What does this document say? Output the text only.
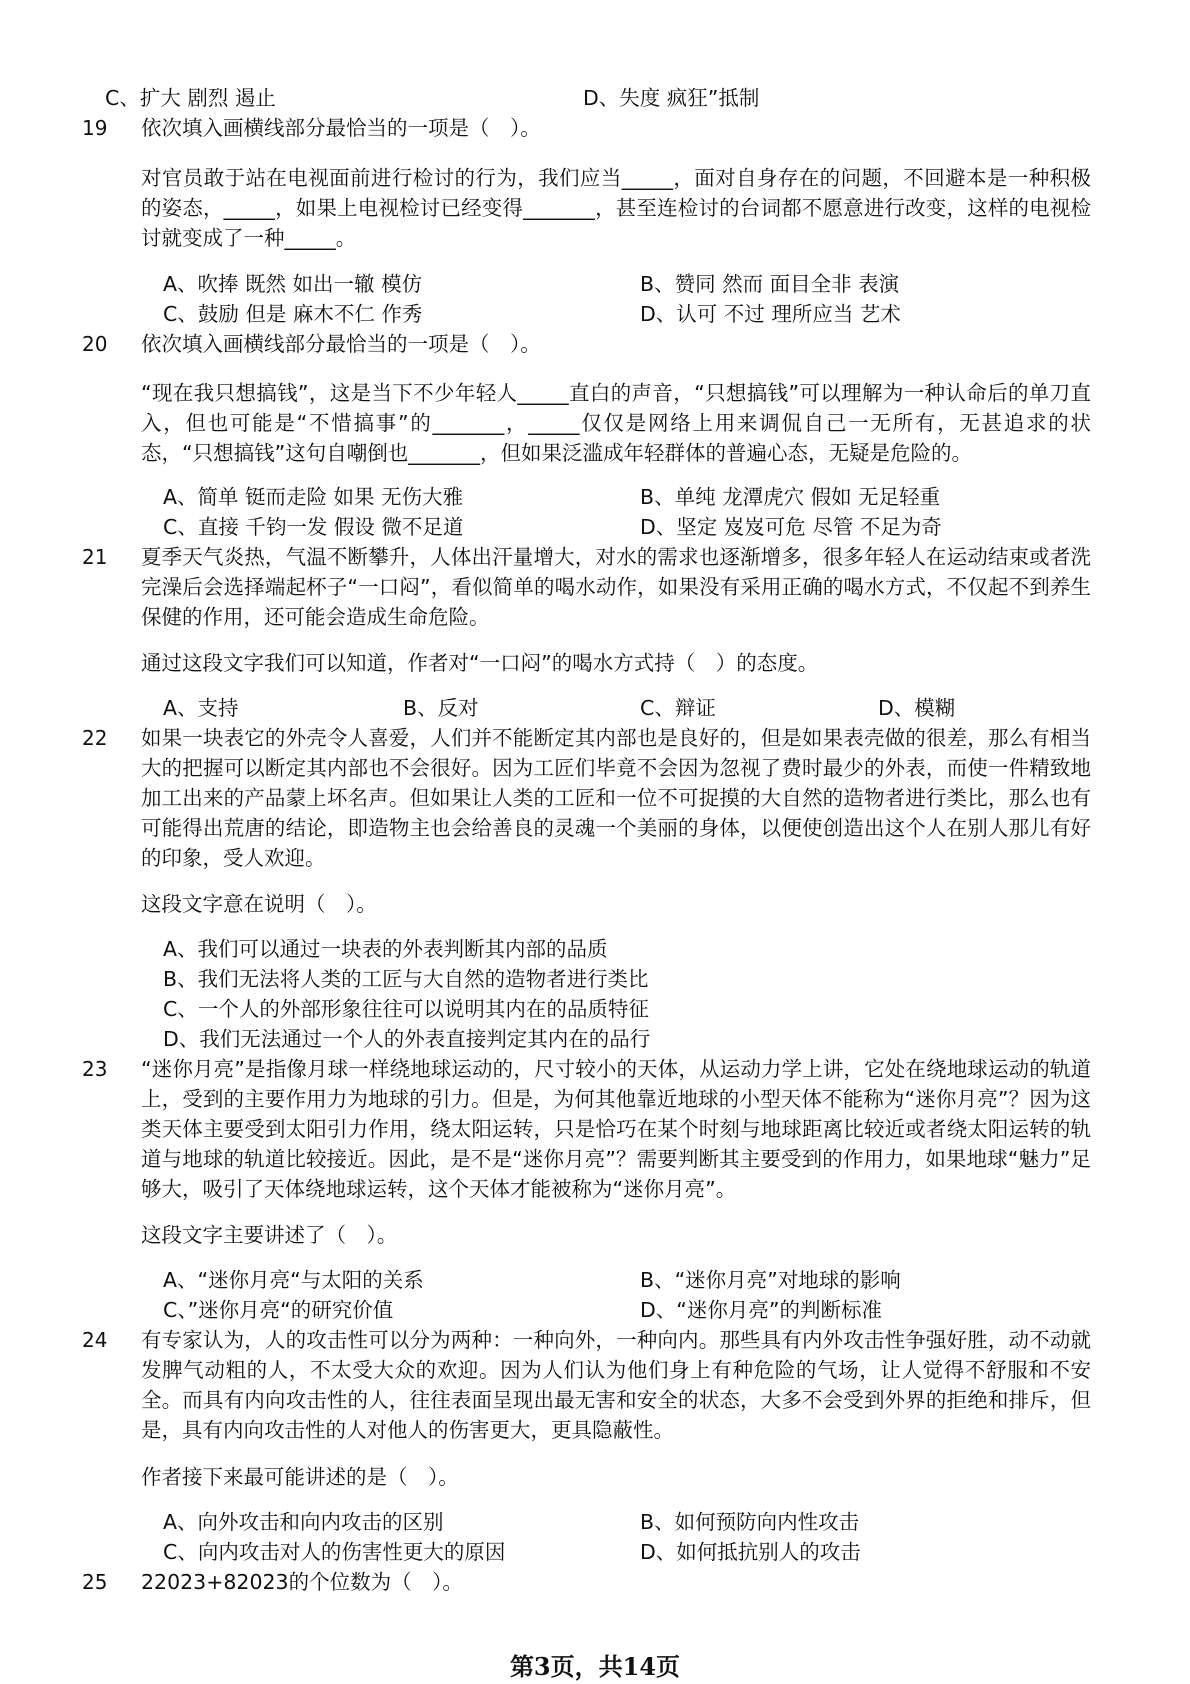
C、扩大 剧烈 遏止	D、失度 疯狂”抵制
19 依次填入画横线部分最恰当的一项是（　）。
对官员敢于站在电视面前进行检讨的行为，我们应当_____，面对自身存在的问题，不回避本是一种积极的姿态，_____，如果上电视检讨已经变得_______，甚至连检讨的台词都不愿意进行改变，这样的电视检讨就变成了一种_____。
A、吹捧 既然 如出一辙 模仿	B、赞同 然而 面目全非 表演
C、鼓励 但是 麻木不仁 作秀	D、认可 不过 理所应当 艺术
20 依次填入画横线部分最恰当的一项是（　）。
“现在我只想搞钱”，这是当下不少年轻人_____直白的声音，“只想搞钱”可以理解为一种认命后的单刀直入，但也可能是“不惜搞事”的_______，_____仅仅是网络上用来调侃自己一无所有，无甚追求的状态，“只想搞钱”这句自嘲倒也_______，但如果泛滥成年轻群体的普遍心态，无疑是危险的。
A、简单 铤而走险 如果 无伤大雅	B、单纯 龙潭虎穴 假如 无足轻重
C、直接 千钧一发 假设 微不足道	D、坚定 岌岌可危 尽管 不足为奇
21 夏季天气炎热，气温不断攀升，人体出汗量增大，对水的需求也逐渐增多，很多年轻人在运动结束或者洗完澡后会选择端起杯子“一口闷”，看似简单的喝水动作，如果没有采用正确的喝水方式，不仅起不到养生保健的作用，还可能会造成生命危险。
通过这段文字我们可以知道，作者对“一口闷”的喝水方式持（　）的态度。
A、支持	B、反对	C、辩证	D、模糊
22 如果一块表它的外壳令人喜爱，人们并不能断定其内部也是良好的，但是如果表壳做的很差，那么有相当大的把握可以断定其内部也不会很好。因为工匠们毕竟不会因为忽视了费时最少的外表，而使一件精致地加工出来的产品蒙上坏名声。但如果让人类的工匠和一位不可捉摸的大自然的造物者进行类比，那么也有可能得出荒唐的结论，即造物主也会给善良的灵魂一个美丽的身体，以便使创造出这个人在别人那儿有好的印象，受人欢迎。
这段文字意在说明（　）。
A、我们可以通过一块表的外表判断其内部的品质
B、我们无法将人类的工匠与大自然的造物者进行类比
C、一个人的外部形象往往可以说明其内在的品质特征
D、我们无法通过一个人的外表直接判定其内在的品行
23 “迷你月亮”是指像月球一样绕地球运动的，尺寸较小的天体，从运动力学上讲，它处在绕地球运动的轨道上，受到的主要作用力为地球的引力。但是，为何其他靠近地球的小型天体不能称为“迷你月亮”？因为这类天体主要受到太阳引力作用，绕太阳运转，只是恰巧在某个时刻与地球距离比较近或者绕太阳运转的轨道与地球的轨道比较接近。因此，是不是“迷你月亮”？需要判断其主要受到的作用力，如果地球“魅力”足够大，吸引了天体绕地球运转，这个天体才能被称为“迷你月亮”。
这段文字主要讲述了（　）。
A、“迷你月亮“与太阳的关系	B、“迷你月亮”对地球的影响
C、”迷你月亮“的研究价值	D、“迷你月亮”的判断标准
24 有专家认为，人的攻击性可以分为两种：一种向外，一种向内。那些具有内外攻击性争强好胜，动不动就发脾气动粗的人，不太受大众的欢迎。因为人们认为他们身上有种危险的气场，让人觉得不舒服和不安全。而具有内向攻击性的人，往往表面呈现出最无害和安全的状态，大多不会受到外界的拒绝和排斥，但是，具有内向攻击性的人对他人的伤害更大，更具隐蔽性。
作者接下来最可能讲述的是（　）。
A、向外攻击和向内攻击的区别	B、如何预防向内性攻击
C、向内攻击对人的伤害性更大的原因	D、如何抵抗别人的攻击
25 22023+82023的个位数为（　）。
第3页，共14页
